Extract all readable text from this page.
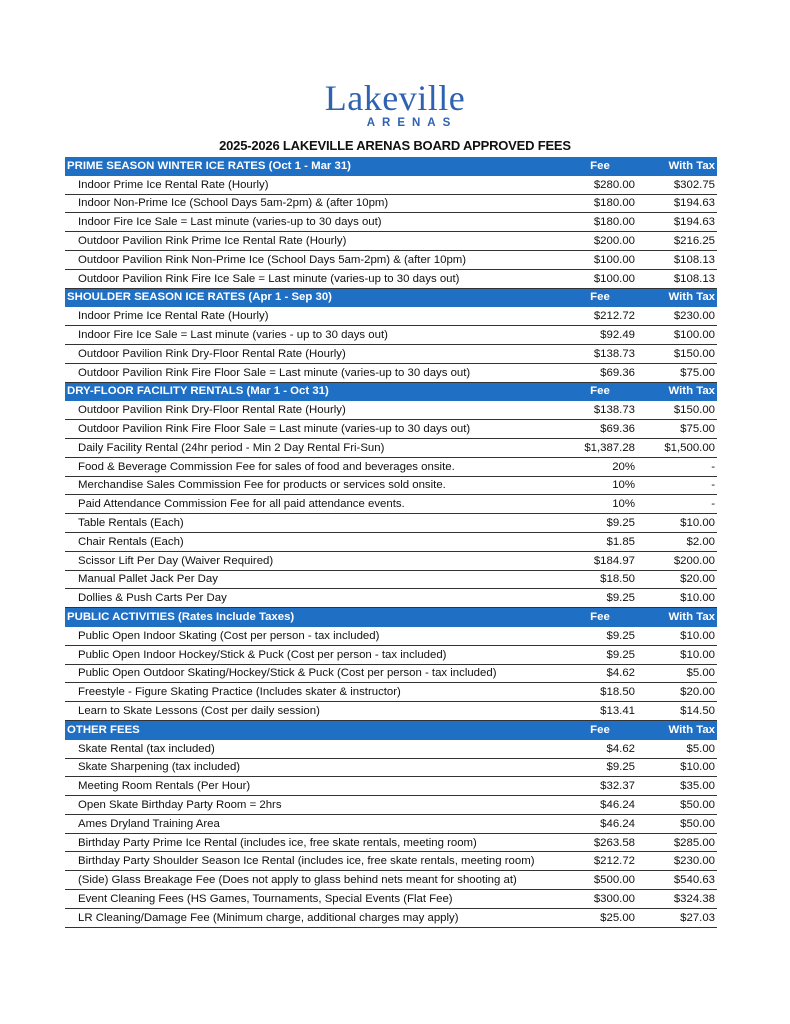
Lakeville
ARENAS
2025-2026 LAKEVILLE ARENAS BOARD APPROVED FEES
PRIME SEASON WINTER ICE RATES (Oct 1 - Mar 31)	Fee	With Tax
Indoor Prime Ice Rental Rate (Hourly)	$280.00	$302.75
Indoor Non-Prime Ice (School Days 5am-2pm) & (after 10pm)	$180.00	$194.63
Indoor Fire Ice Sale = Last minute (varies-up to 30 days out)	$180.00	$194.63
Outdoor Pavilion Rink Prime Ice Rental Rate (Hourly)	$200.00	$216.25
Outdoor Pavilion Rink Non-Prime Ice (School Days 5am-2pm) & (after 10pm)	$100.00	$108.13
Outdoor Pavilion Rink Fire Ice Sale = Last minute (varies-up to 30 days out)	$100.00	$108.13
SHOULDER SEASON ICE RATES (Apr 1 - Sep 30)	Fee	With Tax
Indoor Prime Ice Rental Rate (Hourly)	$212.72	$230.00
Indoor Fire Ice Sale = Last minute (varies - up to 30 days out)	$92.49	$100.00
Outdoor Pavilion Rink Dry-Floor Rental Rate (Hourly)	$138.73	$150.00
Outdoor Pavilion Rink Fire Floor Sale = Last minute (varies-up to 30 days out)	$69.36	$75.00
DRY-FLOOR FACILITY RENTALS (Mar 1 - Oct 31)	Fee	With Tax
Outdoor Pavilion Rink Dry-Floor Rental Rate (Hourly)	$138.73	$150.00
Outdoor Pavilion Rink Fire Floor Sale = Last minute (varies-up to 30 days out)	$69.36	$75.00
Daily Facility Rental (24hr period - Min 2 Day Rental Fri-Sun)	$1,387.28	$1,500.00
Food & Beverage Commission Fee for sales of food and beverages onsite.	20%	-
Merchandise Sales Commission Fee for products or services sold onsite.	10%	-
Paid Attendance Commission Fee for all paid attendance events.	10%	-
Table Rentals (Each)	$9.25	$10.00
Chair Rentals (Each)	$1.85	$2.00
Scissor Lift Per Day (Waiver Required)	$184.97	$200.00
Manual Pallet Jack Per Day	$18.50	$20.00
Dollies & Push Carts Per Day	$9.25	$10.00
PUBLIC ACTIVITIES (Rates Include Taxes)	Fee	With Tax
Public Open Indoor Skating (Cost per person - tax included)	$9.25	$10.00
Public Open Indoor Hockey/Stick & Puck (Cost per person - tax included)	$9.25	$10.00
Public Open Outdoor Skating/Hockey/Stick & Puck (Cost per person - tax included)	$4.62	$5.00
Freestyle - Figure Skating Practice (Includes skater & instructor)	$18.50	$20.00
Learn to Skate Lessons (Cost per daily session)	$13.41	$14.50
OTHER FEES	Fee	With Tax
Skate Rental (tax included)	$4.62	$5.00
Skate Sharpening (tax included)	$9.25	$10.00
Meeting Room Rentals (Per Hour)	$32.37	$35.00
Open Skate Birthday Party Room = 2hrs	$46.24	$50.00
Ames Dryland Training Area	$46.24	$50.00
Birthday Party Prime Ice Rental (includes ice, free skate rentals, meeting room)	$263.58	$285.00
Birthday Party Shoulder Season Ice Rental (includes ice, free skate rentals, meeting room)	$212.72	$230.00
(Side) Glass Breakage Fee (Does not apply to glass behind nets meant for shooting at)	$500.00	$540.63
Event Cleaning Fees (HS Games, Tournaments, Special Events (Flat Fee)	$300.00	$324.38
LR Cleaning/Damage Fee (Minimum charge, additional charges may apply)	$25.00	$27.03
